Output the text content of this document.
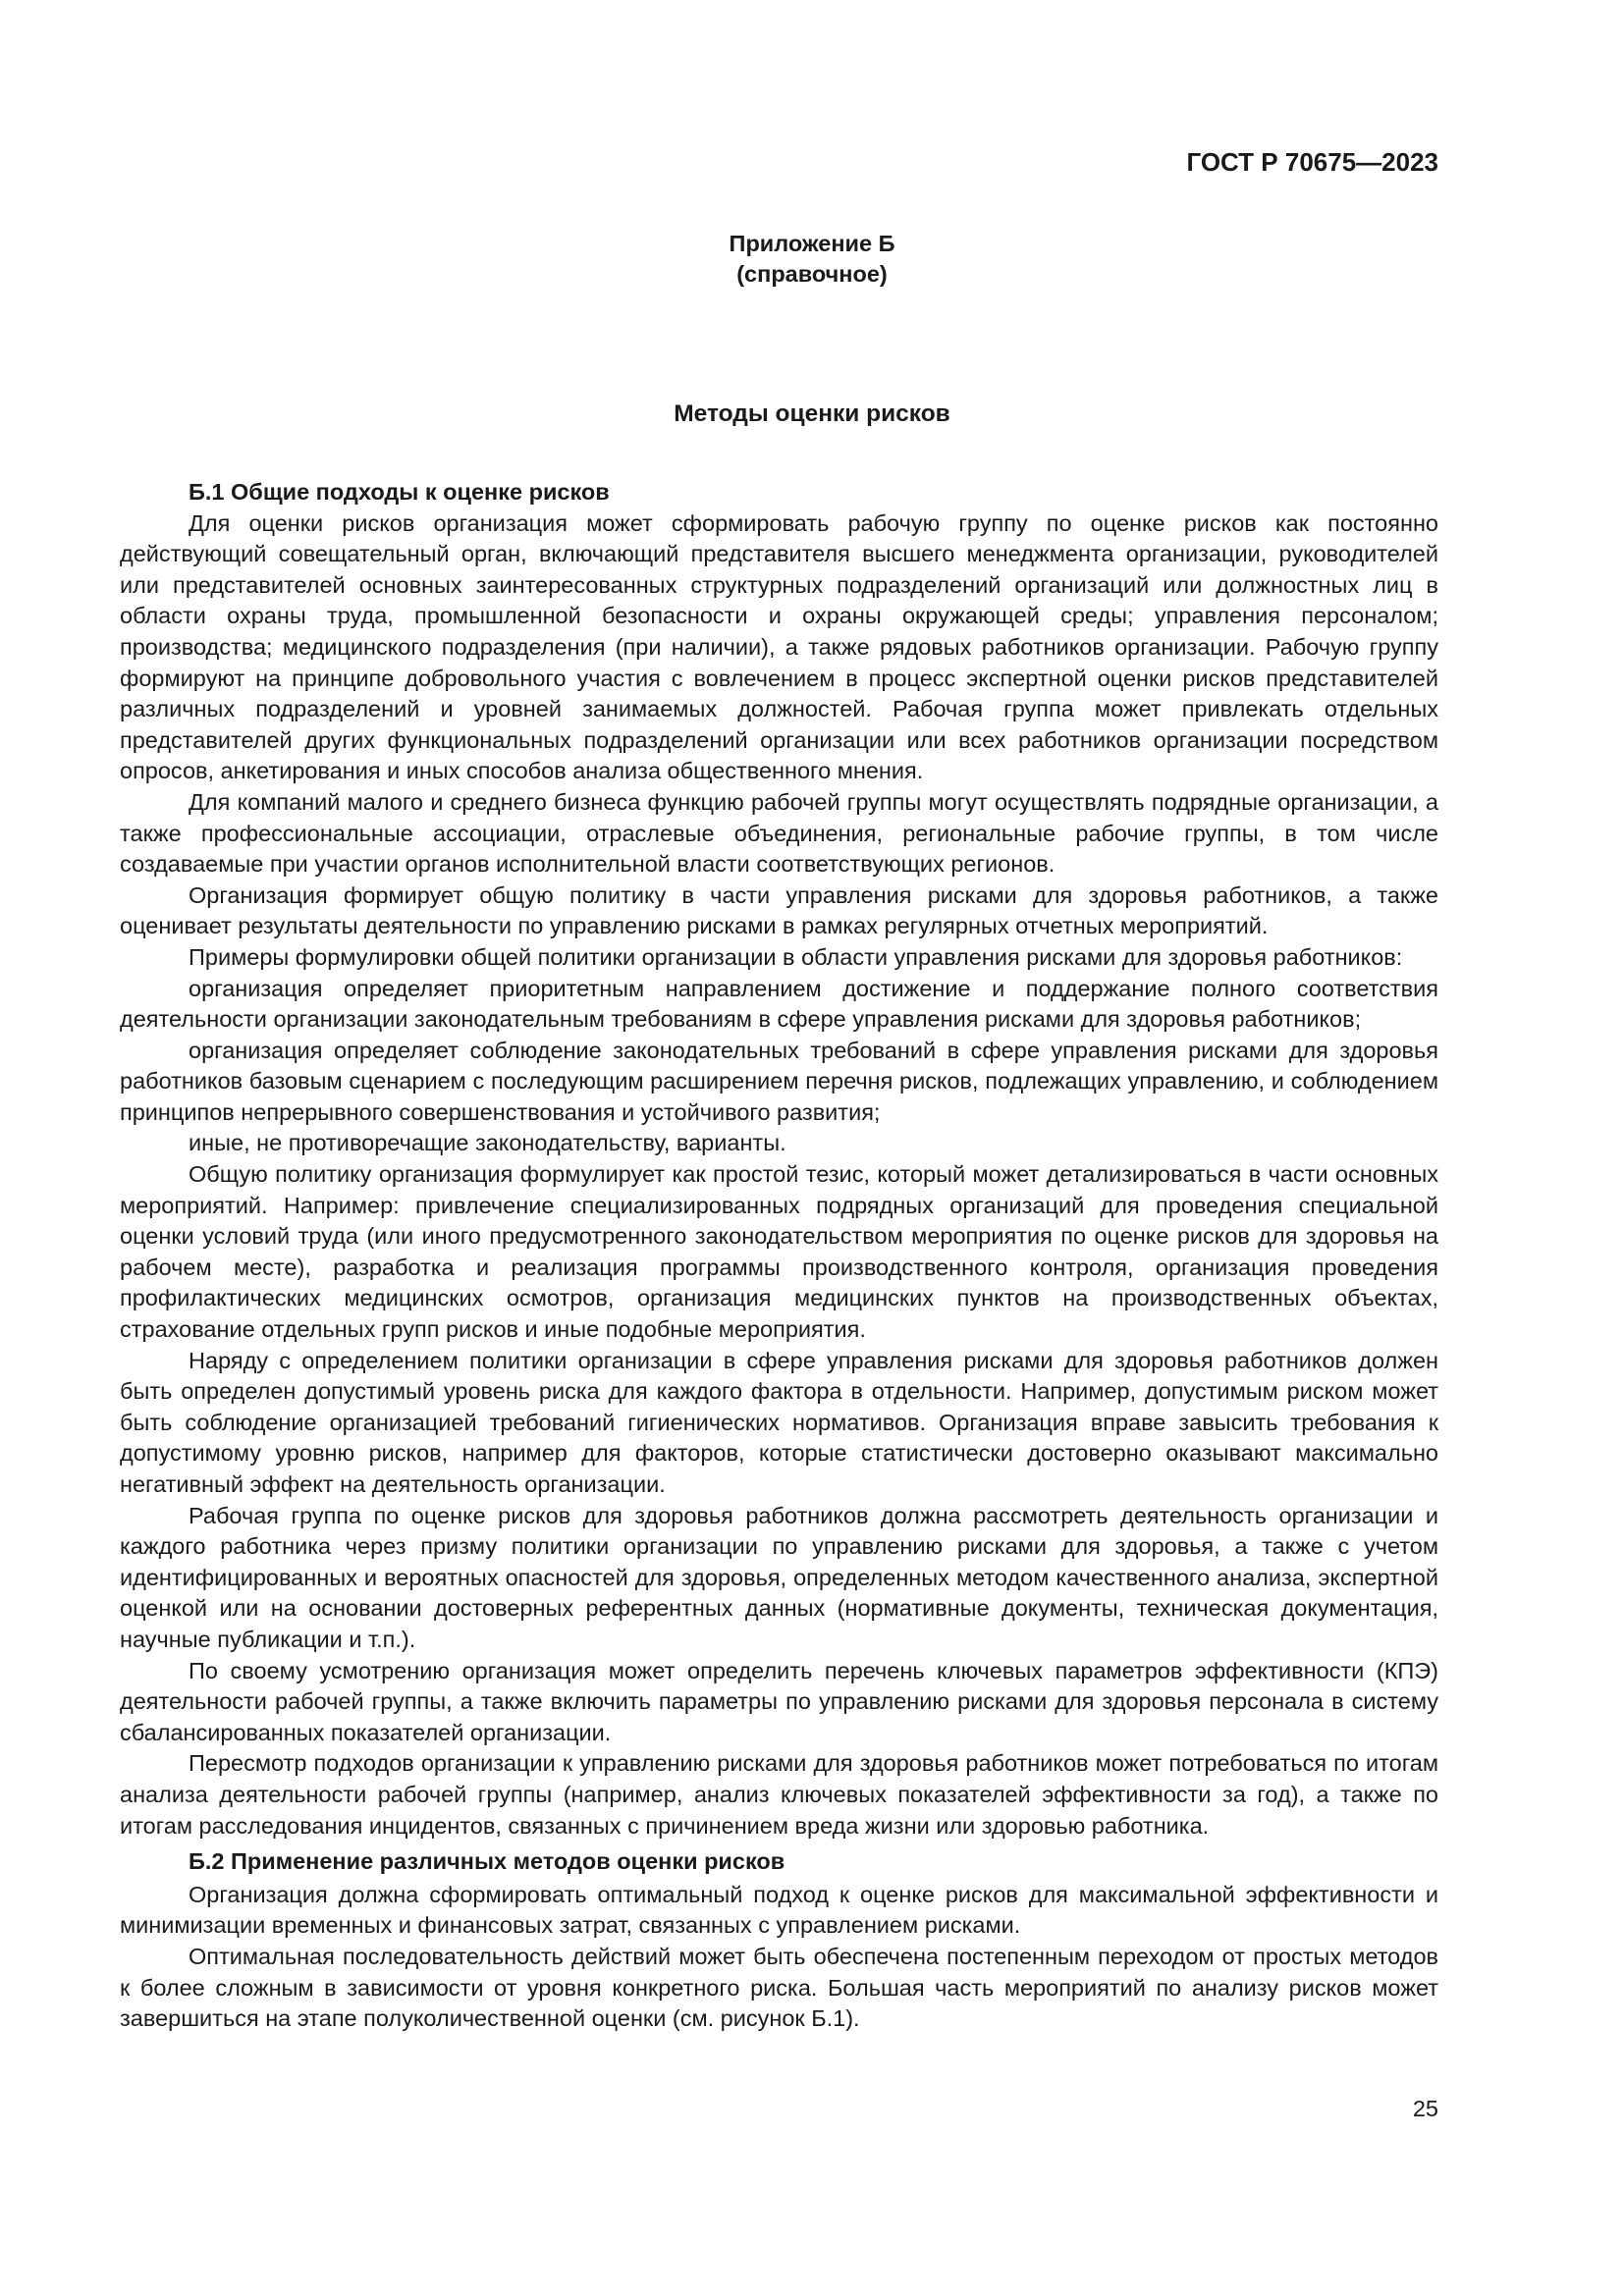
ГОСТ Р 70675—2023
Приложение Б
(справочное)
Методы оценки рисков
Б.1 Общие подходы к оценке рисков

Для оценки рисков организация может сформировать рабочую группу по оценке рисков как постоянно действующий совещательный орган, включающий представителя высшего менеджмента организации, руководителей или представителей основных заинтересованных структурных подразделений организаций или должностных лиц в области охраны труда, промышленной безопасности и охраны окружающей среды; управления персоналом; производства; медицинского подразделения (при наличии), а также рядовых работников организации. Рабочую группу формируют на принципе добровольного участия с вовлечением в процесс экспертной оценки рисков представителей различных подразделений и уровней занимаемых должностей. Рабочая группа может привлекать отдельных представителей других функциональных подразделений организации или всех работников организации посредством опросов, анкетирования и иных способов анализа общественного мнения.

Для компаний малого и среднего бизнеса функцию рабочей группы могут осуществлять подрядные организации, а также профессиональные ассоциации, отраслевые объединения, региональные рабочие группы, в том числе создаваемые при участии органов исполнительной власти соответствующих регионов.

Организация формирует общую политику в части управления рисками для здоровья работников, а также оценивает результаты деятельности по управлению рисками в рамках регулярных отчетных мероприятий.

Примеры формулировки общей политики организации в области управления рисками для здоровья работников:

организация определяет приоритетным направлением достижение и поддержание полного соответствия деятельности организации законодательным требованиям в сфере управления рисками для здоровья работников;

организация определяет соблюдение законодательных требований в сфере управления рисками для здоровья работников базовым сценарием с последующим расширением перечня рисков, подлежащих управлению, и соблюдением принципов непрерывного совершенствования и устойчивого развития;

иные, не противоречащие законодательству, варианты.

Общую политику организация формулирует как простой тезис, который может детализироваться в части основных мероприятий. Например: привлечение специализированных подрядных организаций для проведения специальной оценки условий труда (или иного предусмотренного законодательством мероприятия по оценке рисков для здоровья на рабочем месте), разработка и реализация программы производственного контроля, организация проведения профилактических медицинских осмотров, организация медицинских пунктов на производственных объектах, страхование отдельных групп рисков и иные подобные мероприятия.

Наряду с определением политики организации в сфере управления рисками для здоровья работников должен быть определен допустимый уровень риска для каждого фактора в отдельности. Например, допустимым риском может быть соблюдение организацией требований гигиенических нормативов. Организация вправе завысить требования к допустимому уровню рисков, например для факторов, которые статистически достоверно оказывают максимально негативный эффект на деятельность организации.

Рабочая группа по оценке рисков для здоровья работников должна рассмотреть деятельность организации и каждого работника через призму политики организации по управлению рисками для здоровья, а также с учетом идентифицированных и вероятных опасностей для здоровья, определенных методом качественного анализа, экспертной оценкой или на основании достоверных референтных данных (нормативные документы, техническая документация, научные публикации и т.п.).

По своему усмотрению организация может определить перечень ключевых параметров эффективности (КПЭ) деятельности рабочей группы, а также включить параметры по управлению рисками для здоровья персонала в систему сбалансированных показателей организации.

Пересмотр подходов организации к управлению рисками для здоровья работников может потребоваться по итогам анализа деятельности рабочей группы (например, анализ ключевых показателей эффективности за год), а также по итогам расследования инцидентов, связанных с причинением вреда жизни или здоровью работника.

Б.2 Применение различных методов оценки рисков

Организация должна сформировать оптимальный подход к оценке рисков для максимальной эффективности и минимизации временных и финансовых затрат, связанных с управлением рисками.

Оптимальная последовательность действий может быть обеспечена постепенным переходом от простых методов к более сложным в зависимости от уровня конкретного риска. Большая часть мероприятий по анализу рисков может завершиться на этапе полуколичественной оценки (см. рисунок Б.1).

25
